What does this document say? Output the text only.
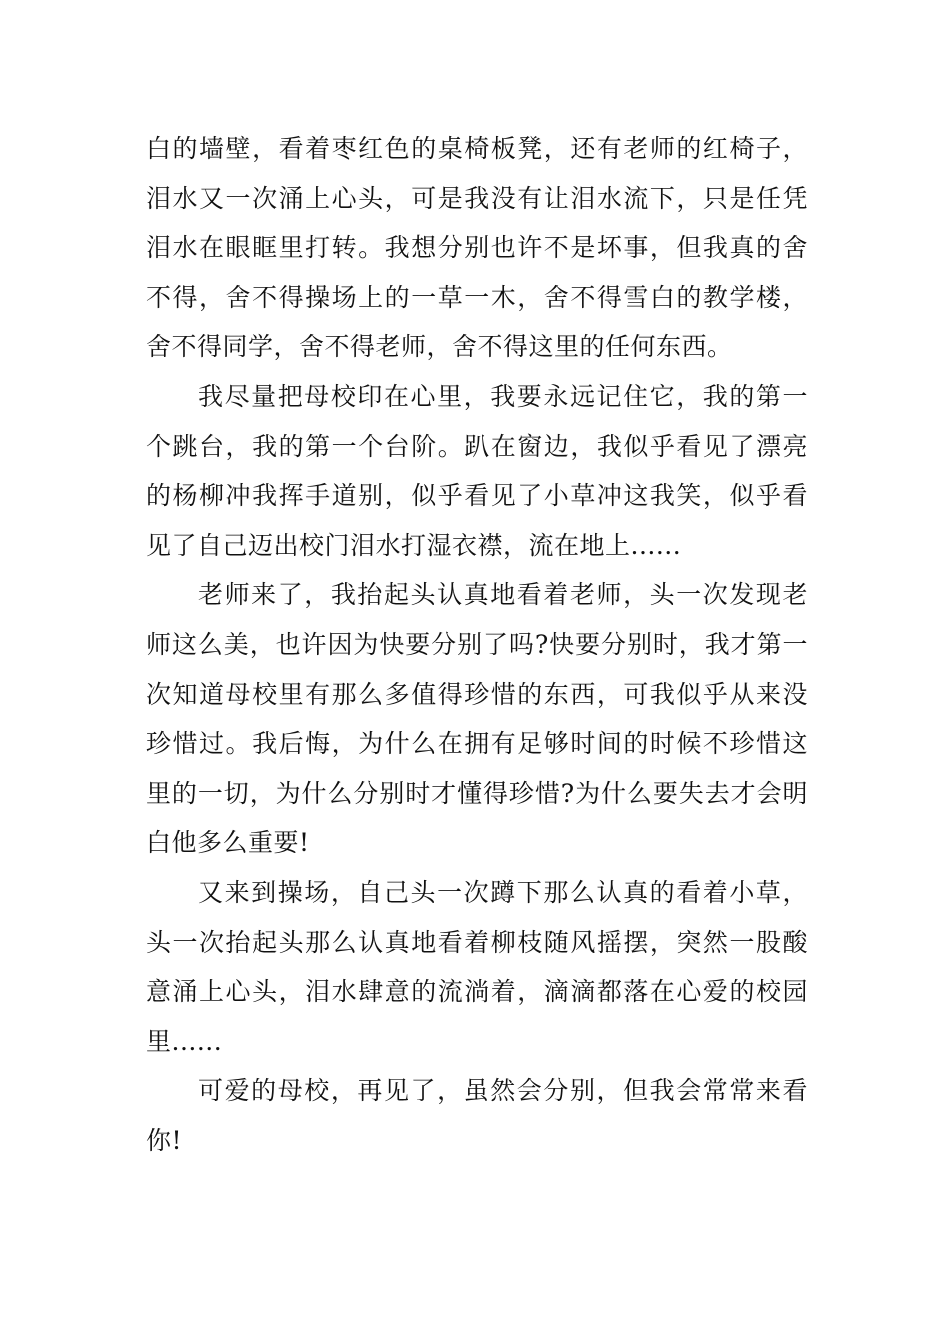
白的墙壁，看着枣红色的桌椅板凳，还有老师的红椅子，泪水又一次涌上心头，可是我没有让泪水流下，只是任凭泪水在眼眶里打转。我想分别也许不是坏事，但我真的舍不得，舍不得操场上的一草一木，舍不得雪白的教学楼，舍不得同学，舍不得老师，舍不得这里的任何东西。

我尽量把母校印在心里，我要永远记住它，我的第一个跳台，我的第一个台阶。趴在窗边，我似乎看见了漂亮的杨柳冲我挥手道别，似乎看见了小草冲这我笑，似乎看见了自己迈出校门泪水打湿衣襟，流在地上......

老师来了，我抬起头认真地看着老师，头一次发现老师这么美，也许因为快要分别了吗?快要分别时，我才第一次知道母校里有那么多值得珍惜的东西，可我似乎从来没珍惜过。我后悔，为什么在拥有足够时间的时候不珍惜这里的一切，为什么分别时才懂得珍惜?为什么要失去才会明白他多么重要!

又来到操场，自己头一次蹲下那么认真的看着小草，头一次抬起头那么认真地看着柳枝随风摇摆，突然一股酸意涌上心头，泪水肆意的流淌着，滴滴都落在心爱的校园里......

可爱的母校，再见了，虽然会分别，但我会常常来看你!
